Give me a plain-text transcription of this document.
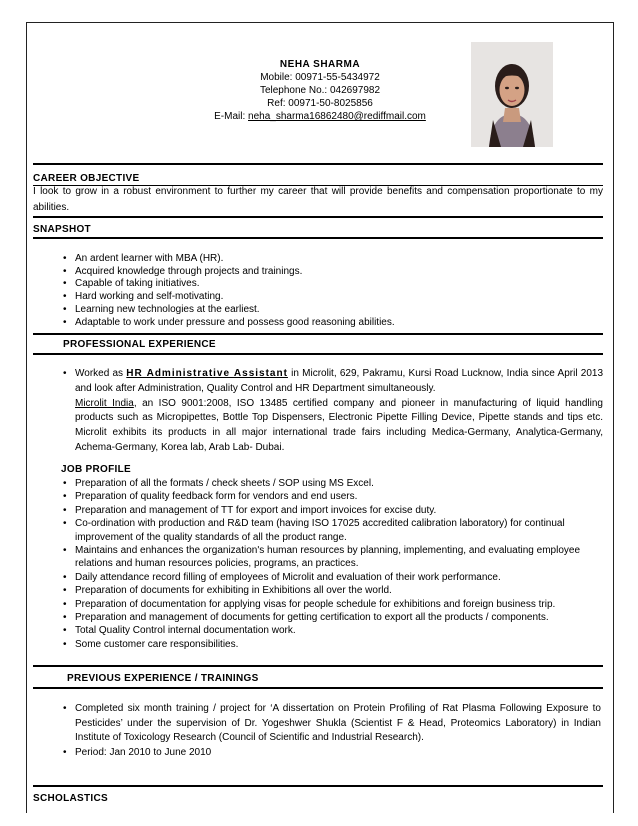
NEHA SHARMA
Mobile: 00971-55-5434972
Telephone No.: 042697982
Ref: 00971-50-8025856
E-Mail: neha_sharma16862480@rediffmail.com
CAREER OBJECTIVE
I look to grow in a robust environment to further my career that will provide benefits and compensation proportionate to my abilities.
SNAPSHOT
• An ardent learner with MBA (HR).
• Acquired knowledge through projects and trainings.
• Capable of taking initiatives.
• Hard working and self-motivating.
• Learning new technologies at the earliest.
• Adaptable to work under pressure and possess good reasoning abilities.
PROFESSIONAL EXPERIENCE
• Worked as HR Administrative Assistant in Microlit, 629, Pakramu, Kursi Road Lucknow, India since April 2013 and look after Administration, Quality Control and HR Department simultaneously.
Microlit India, an ISO 9001:2008, ISO 13485 certified company and pioneer in manufacturing of liquid handling products such as Micropipettes, Bottle Top Dispensers, Electronic Pipette Filling Device, Pipette stands and tips etc. Microlit exhibits its products in all major international trade fairs including Medica-Germany, Analytica-Germany, Achema-Germany, Korea lab, Arab Lab- Dubai.
JOB PROFILE
• Preparation of all the formats / check sheets / SOP using MS Excel.
• Preparation of quality feedback form for vendors and end users.
• Preparation and management of TT for export and import invoices for excise duty.
• Co-ordination with production and R&D team (having ISO 17025 accredited calibration laboratory) for continual improvement of the quality standards of all the product range.
• Maintains and enhances the organization's human resources by planning, implementing, and evaluating employee relations and human resources policies, programs, an practices.
• Daily attendance record filling of employees of Microlit and evaluation of their work performance.
• Preparation of documents for exhibiting in Exhibitions all over the world.
• Preparation of documentation for applying visas for people schedule for exhibitions and foreign business trip.
• Preparation and management of documents for getting certification to export all the products / components.
• Total Quality Control internal documentation work.
• Some customer care responsibilities.
PREVIOUS EXPERIENCE / TRAININGS
• Completed six month training / project for ‘A dissertation on Protein Profiling of Rat Plasma Following Exposure to Pesticides’ under the supervision of Dr. Yogeshwer Shukla (Scientist F & Head, Proteomics Laboratory) in Indian Institute of Toxicology Research (Council of Scientific and Industrial Research).
• Period: Jan 2010 to June 2010
SCHOLASTICS
